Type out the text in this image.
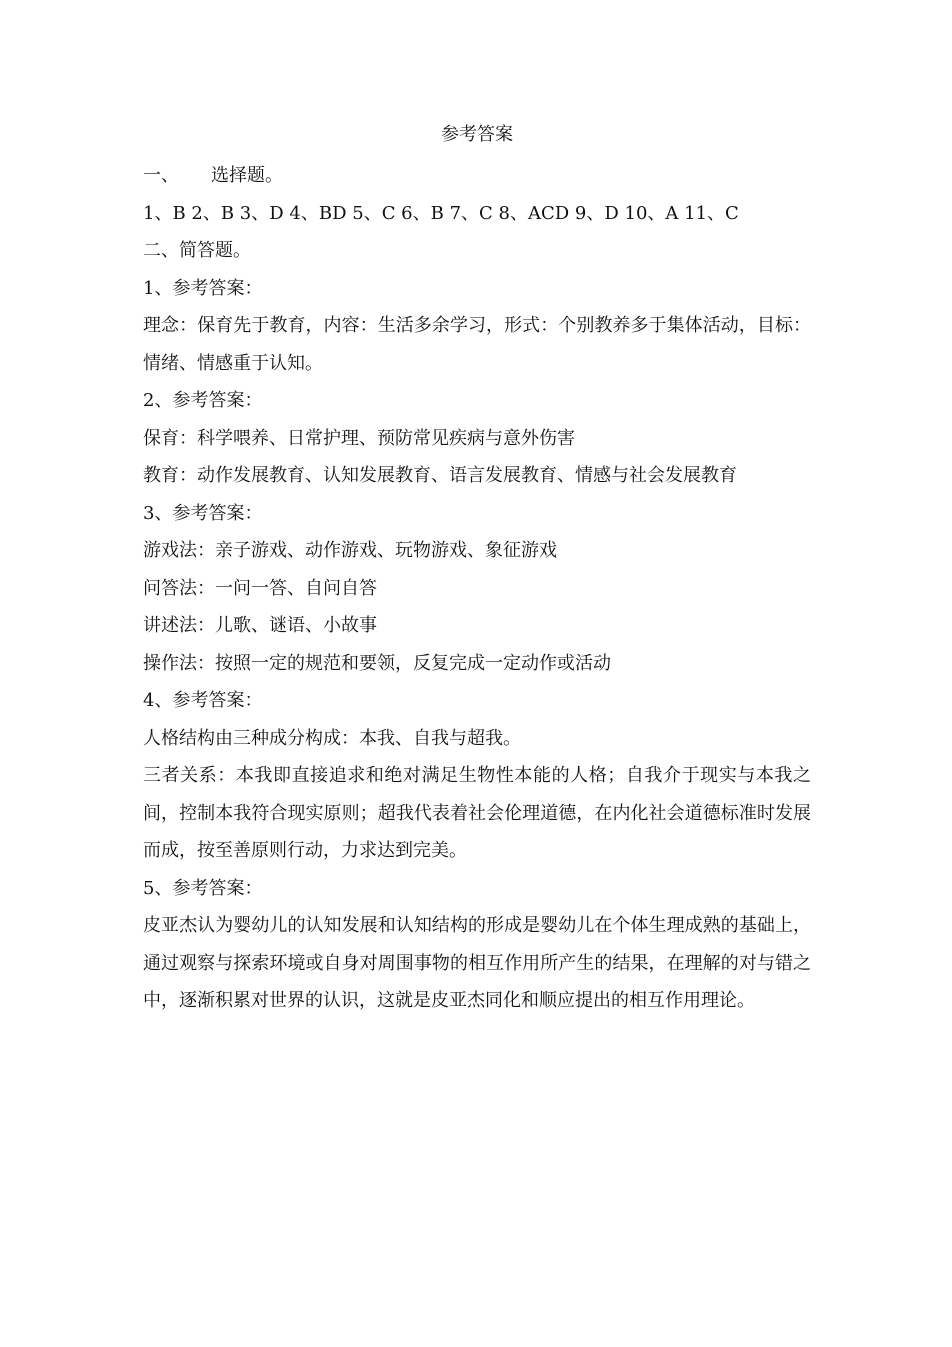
参考答案
一、	选择题。
1、B 2、B 3、D 4、BD 5、C 6、B 7、C 8、ACD 9、D 10、A 11、C
二、简答题。
1、参考答案：
理念：保育先于教育，内容：生活多余学习，形式：个别教养多于集体活动，目标：情绪、情感重于认知。
2、参考答案：
保育：科学喂养、日常护理、预防常见疾病与意外伤害
教育：动作发展教育、认知发展教育、语言发展教育、情感与社会发展教育
3、参考答案：
游戏法：亲子游戏、动作游戏、玩物游戏、象征游戏
问答法：一问一答、自问自答
讲述法：儿歌、谜语、小故事
操作法：按照一定的规范和要领，反复完成一定动作或活动
4、参考答案：
人格结构由三种成分构成：本我、自我与超我。
三者关系：本我即直接追求和绝对满足生物性本能的人格；自我介于现实与本我之间，控制本我符合现实原则；超我代表着社会伦理道德，在内化社会道德标准时发展而成，按至善原则行动，力求达到完美。
5、参考答案：
皮亚杰认为婴幼儿的认知发展和认知结构的形成是婴幼儿在个体生理成熟的基础上，通过观察与探索环境或自身对周围事物的相互作用所产生的结果，在理解的对与错之中，逐渐积累对世界的认识，这就是皮亚杰同化和顺应提出的相互作用理论。
